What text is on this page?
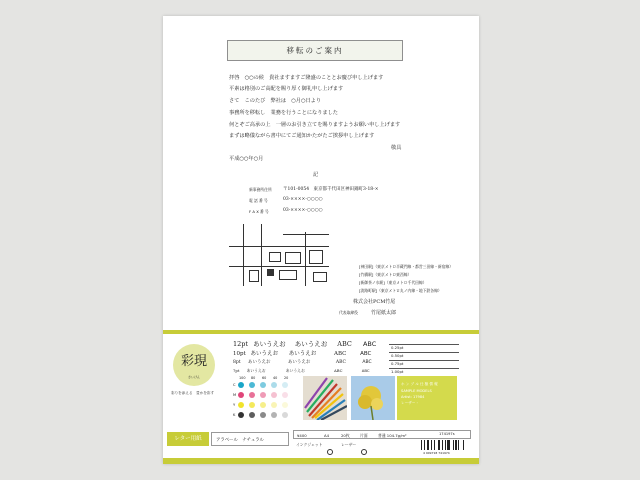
移転のご案内
拝啓　○○の候　貴社ますますご隆盛のこととお慶び申し上げます
平素は格別のご高配を賜り厚く御礼申し上げます
さて　このたび　弊社は　○月○日より
事務所を移転し　業務を行うことになりました
何とぞご高承の上　一層のお引き立てを賜りますようお願い申し上げます
まずは略儀ながら書中にてご通知かたがたご挨拶申し上げます
敬具
平成○○年○月
記
新事務所住所 〒101-0054　東京都千代田区神田錦町3-18-×
電 話 番 号	03-××××-○○○○
F A X 番 号	03-××××-○○○○
[神田駅]（東京メトロ半蔵門線・都営三田線・新宿線）
[竹橋駅]（東京メトロ東西線）
[新御茶ノ水駅]（東京メトロ千代田線）
[淡路町駅]（東京メトロ丸ノ内線・地下鉄各線）
株式会社PCM竹尾
代表取締役	竹尾紙太郎
彩現
さいげん
彩りを添える　豊かを彩す
12pt あいうえお あいうえお ABC ABC
10pt あいうえお あいうえお	ABC	ABC
8pt あいうえお	あいうえお	ABC	ABC
7pt あいうえお	あいうえお	ABC	ABC
0.25pt
0.50pt
0.75pt
1.00pt
100 80 60 40 20
C
M
Y
K
ホ ン ブ ル 仕 様 情 報
SAMPLE MODELS
Artist: 17984
レーザー・
レター用紙	アラベール　ナチュラル
¥400	A4	20枚	片面	普通 104.7g/m²
インクジェット	レーザー
174197s
4 909718 741974
